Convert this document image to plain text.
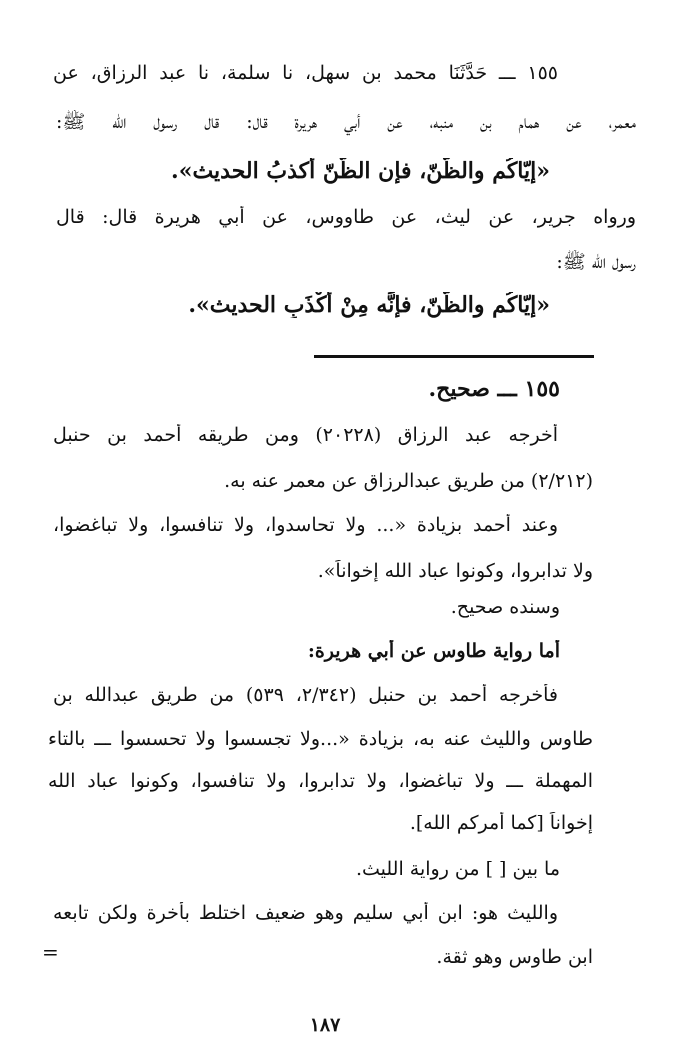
١٥٥ ـــ حَدَّثَنَا محمد بن سهل، نا سلمة، نا عبد الرزاق، عن
معمر، عن همام بن منبه، عن أبي هريرة قال: قال رسول الله ﷺ:
«إيّاكُم والظَّنّ، فإن الظّنّ أكذبُ الحديث».
ورواه جرير، عن ليث، عن طاووس، عن أبي هريرة قال: قال
رسول الله ﷺ:
«إيّاكُم والظّنّ، فإنَّه مِنْ أكْذَبِ الحديث».
١٥٥ ـــ صحيح.
أخرجه عبد الرزاق (٢٠٢٢٨) ومن طريقه أحمد بن حنبل
(٢/٢١٢) من طريق عبدالرزاق عن معمر عنه به.
وعند أحمد بزيادة «... ولا تحاسدوا، ولا تنافسوا، ولا تباغضوا،
ولا تدابروا، وكونوا عباد الله إخواناً».
وسنده صحيح.
أما رواية طاوس عن أبي هريرة:
فأخرجه أحمد بن حنبل (٢/٣٤٢، ٥٣٩) من طريق عبدالله بن
طاوس والليث عنه به، بزيادة «...ولا تجسسوا ولا تحسسوا ـــ بالتاء
المهملة ـــ ولا تباغضوا، ولا تدابروا، ولا تنافسوا، وكونوا عباد الله
إخواناً [كما أمركم الله].
ما بين [ ] من رواية الليث.
والليث هو: ابن أبي سليم وهو ضعيف اختلط بأخرة ولكن تابعه
ابن طاوس وهو ثقة.
=
١٨٧
